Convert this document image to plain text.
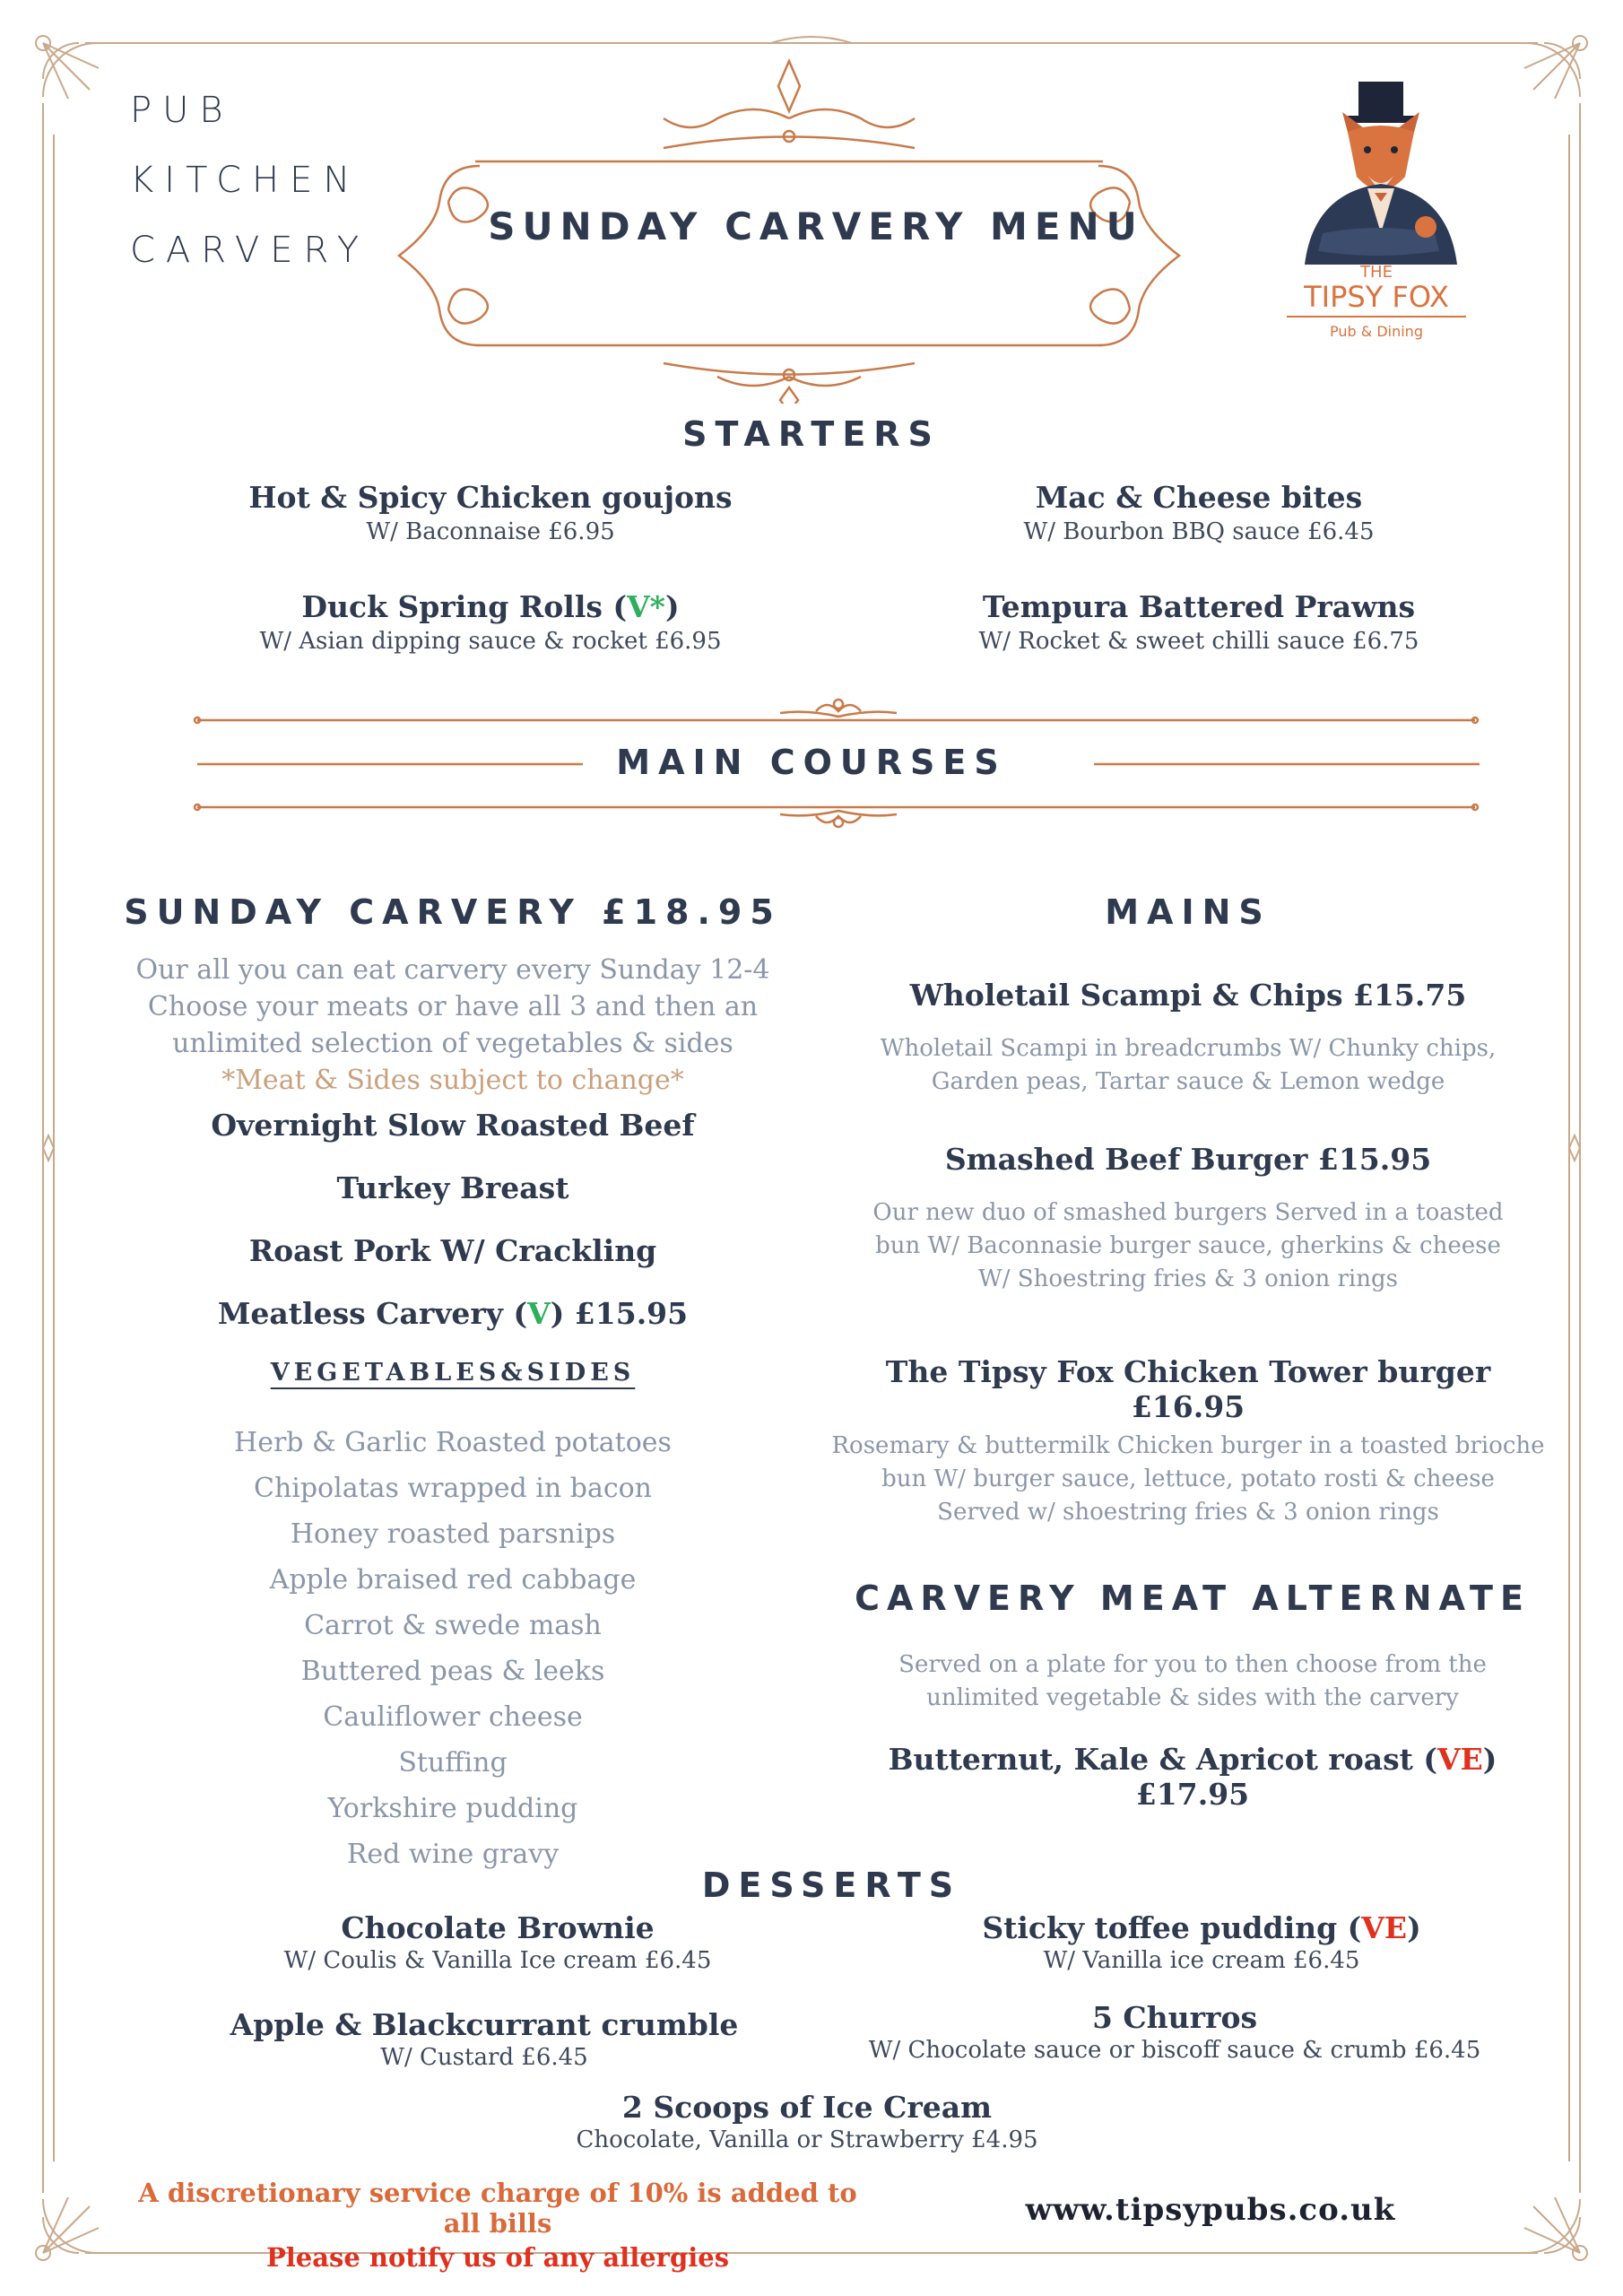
PUB
KITCHEN
CARVERY
SUNDAY CARVERY MENU
THE
TIPSY FOX
Pub & Dining
STARTERS
Hot & Spicy Chicken goujons
W/ Baconnaise £6.95
Mac & Cheese bites
W/ Bourbon BBQ sauce £6.45
Duck Spring Rolls (V*)
W/ Asian dipping sauce & rocket £6.95
Tempura Battered Prawns
W/ Rocket & sweet chilli sauce £6.75
MAIN COURSES
SUNDAY CARVERY £18.95
Our all you can eat carvery every Sunday 12-4
Choose your meats or have all 3 and then an
unlimited selection of vegetables & sides
*Meat & Sides subject to change*
Overnight Slow Roasted Beef
Turkey Breast
Roast Pork W/ Crackling
Meatless Carvery (V) £15.95
VEGETABLES&SIDES
Herb & Garlic Roasted potatoes
Chipolatas wrapped in bacon
Honey roasted parsnips
Apple braised red cabbage
Carrot & swede mash
Buttered peas & leeks
Cauliflower cheese
Stuffing
Yorkshire pudding
Red wine gravy
MAINS
Wholetail Scampi & Chips £15.75
Wholetail Scampi in breadcrumbs W/ Chunky chips,
Garden peas, Tartar sauce & Lemon wedge
Smashed Beef Burger £15.95
Our new duo of smashed burgers Served in a toasted
bun W/ Baconnasie burger sauce, gherkins & cheese
W/ Shoestring fries & 3 onion rings
The Tipsy Fox Chicken Tower burger £16.95
Rosemary & buttermilk Chicken burger in a toasted brioche
bun W/ burger sauce, lettuce, potato rosti & cheese
Served w/ shoestring fries & 3 onion rings
CARVERY MEAT ALTERNATE
Served on a plate for you to then choose from the
unlimited vegetable & sides with the carvery
Butternut, Kale & Apricot roast (VE) £17.95
DESSERTS
Chocolate Brownie
W/ Coulis & Vanilla Ice cream £6.45
Sticky toffee pudding (VE)
W/ Vanilla ice cream £6.45
Apple & Blackcurrant crumble
W/ Custard £6.45
5 Churros
W/ Chocolate sauce or biscoff sauce & crumb £6.45
2 Scoops of Ice Cream
Chocolate, Vanilla or Strawberry £4.95
A discretionary service charge of 10% is added to all bills
Please notify us of any allergies
www.tipsypubs.co.uk
